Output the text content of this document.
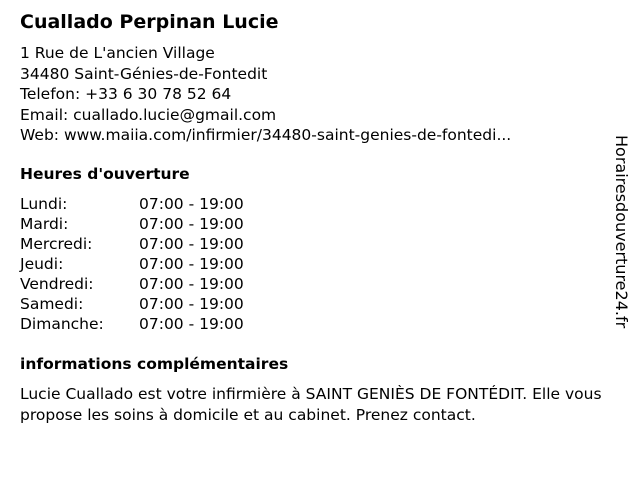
Cuallado Perpinan Lucie
1 Rue de L'ancien Village
34480 Saint-Génies-de-Fontedit
Telefon: +33 6 30 78 52 64
Email: cuallado.lucie@gmail.com
Web: www.maiia.com/infirmier/34480-saint-genies-de-fontedi...
Heures d'ouverture
Lundi:	07:00 - 19:00
Mardi:	07:00 - 19:00
Mercredi:	07:00 - 19:00
Jeudi:	07:00 - 19:00
Vendredi:	07:00 - 19:00
Samedi:	07:00 - 19:00
Dimanche:	07:00 - 19:00
informations complémentaires
Lucie Cuallado est votre infirmière à SAINT GENIÈS DE FONTÉDIT. Elle vous propose les soins à domicile et au cabinet. Prenez contact.
Horairesdouverture24.fr
